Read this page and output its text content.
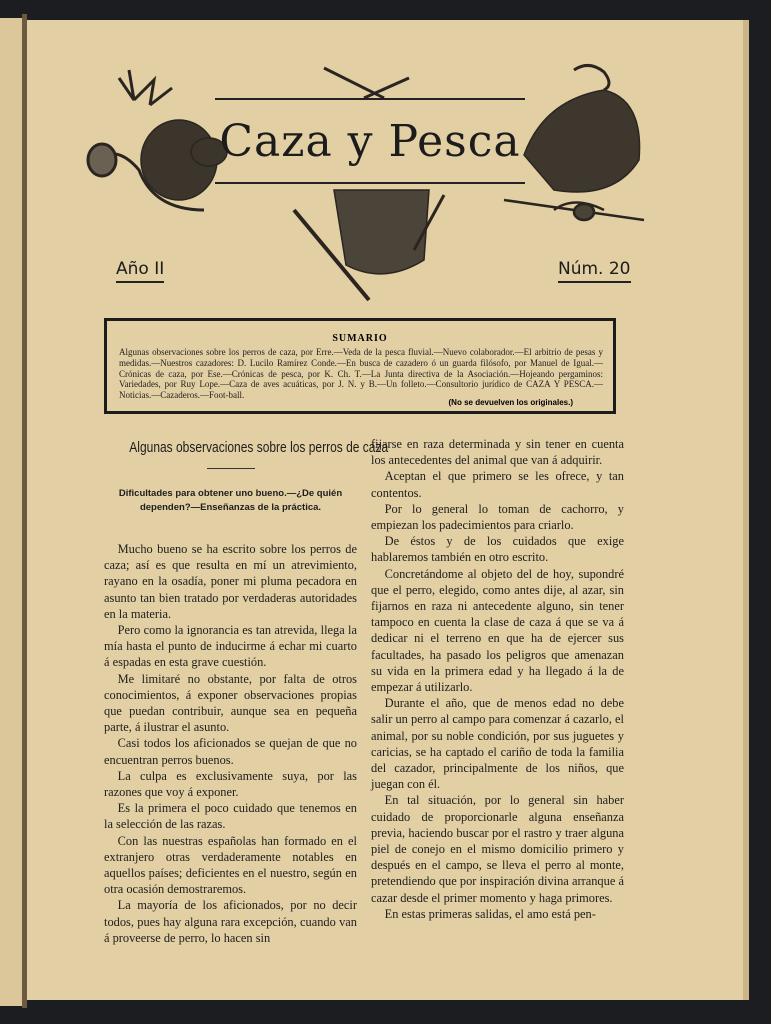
Caza y Pesca
Año II	Núm. 20
SUMARIO
Algunas observaciones sobre los perros de caza, por Erre.—Veda de la pesca fluvial.—Nuevo colaborador.—El arbitrio de pesas y medidas.—Nuestros cazadores: D. Lucilo Ramírez Conde.—En busca de cazadero ó un guarda filósofo, por Manuel de Igual.—Crónicas de caza, por Ese.—Crónicas de pesca, por K. Ch. T.—La Junta directiva de la Asociación.—Hojeando pergaminos: Variedades, por Ruy Lope.—Caza de aves acuáticas, por J. N. y B.—Un folleto.—Consultorio jurídico de CAZA Y PESCA.—Noticias.—Cazaderos.—Foot-ball.
(No se devuelven los originales.)
Algunas observaciones sobre los perros de caza
Dificultades para obtener uno bueno.—¿De quién dependen?—Enseñanzas de la práctica.

Mucho bueno se ha escrito sobre los perros de caza; así es que resulta en mí un atrevimiento, rayano en la osadía, poner mi pluma pecadora en asunto tan bien tratado por verdaderas autoridades en la materia.

Pero como la ignorancia es tan atrevida, llega la mía hasta el punto de inducirme á echar mi cuarto á espadas en esta grave cuestión.

Me limitaré no obstante, por falta de otros conocimientos, á exponer observaciones propias que puedan contribuir, aunque sea en pequeña parte, á ilustrar el asunto.

Casi todos los aficionados se quejan de que no encuentran perros buenos.

La culpa es exclusivamente suya, por las razones que voy á exponer.

Es la primera el poco cuidado que tenemos en la selección de las razas.

Con las nuestras españolas han formado en el extranjero otras verdaderamente notables en aquellos países; deficientes en el nuestro, según en otra ocasión demostraremos.

La mayoría de los aficionados, por no decir todos, pues hay alguna rara excepción, cuando van á proveerse de perro, lo hacen sin

fijarse en raza determinada y sin tener en cuenta los antecedentes del animal que van á adquirir.

Aceptan el que primero se les ofrece, y tan contentos.

Por lo general lo toman de cachorro, y empiezan los padecimientos para criarlo.

De éstos y de los cuidados que exige hablaremos también en otro escrito.

Concretándome al objeto del de hoy, supondré que el perro, elegido, como antes dije, al azar, sin fijarnos en raza ni antecedente alguno, sin tener tampoco en cuenta la clase de caza á que se va á dedicar ni el terreno en que ha de ejercer sus facultades, ha pasado los peligros que amenazan su vida en la primera edad y ha llegado á la de empezar á utilizarlo.

Durante el año, que de menos edad no debe salir un perro al campo para comenzar á cazarlo, el animal, por su noble condición, por sus juguetes y caricias, se ha captado el cariño de toda la familia del cazador, principalmente de los niños, que juegan con él.

En tal situación, por lo general sin haber cuidado de proporcionarle alguna enseñanza previa, haciendo buscar por el rastro y traer alguna piel de conejo en el mismo domicilio primero y después en el campo, se lleva el perro al monte, pretendiendo que por inspiración divina arranque á cazar desde el primer momento y haga primores.

En estas primeras salidas, el amo está pen-
